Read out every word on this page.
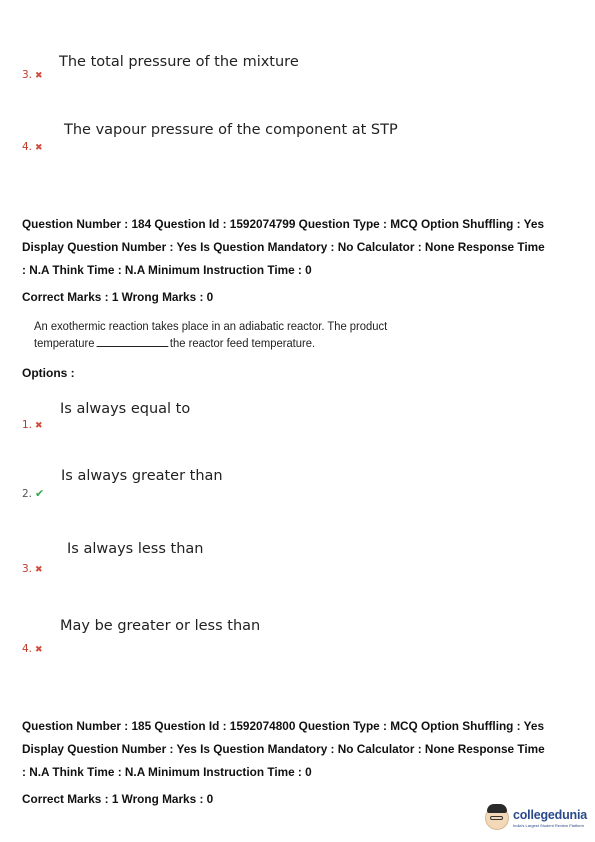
3. ✖
The total pressure of the mixture
4. ✖
The vapour pressure of the component at STP
Question Number : 184 Question Id : 1592074799 Question Type : MCQ Option Shuffling : Yes
Display Question Number : Yes Is Question Mandatory : No Calculator : None Response Time
: N.A Think Time : N.A Minimum Instruction Time : 0
Correct Marks : 1 Wrong Marks : 0
An exothermic reaction takes place in an adiabatic reactor. The product
temperature	the reactor feed temperature.
Options :
1. ✖
Is always equal to
2. ✔
Is always greater than
3. ✖
Is always less than
4. ✖
May be greater or less than
Question Number : 185 Question Id : 1592074800 Question Type : MCQ Option Shuffling : Yes
Display Question Number : Yes Is Question Mandatory : No Calculator : None Response Time
: N.A Think Time : N.A Minimum Instruction Time : 0
Correct Marks : 1 Wrong Marks : 0
collegedunia
India's Largest Student Review Platform
